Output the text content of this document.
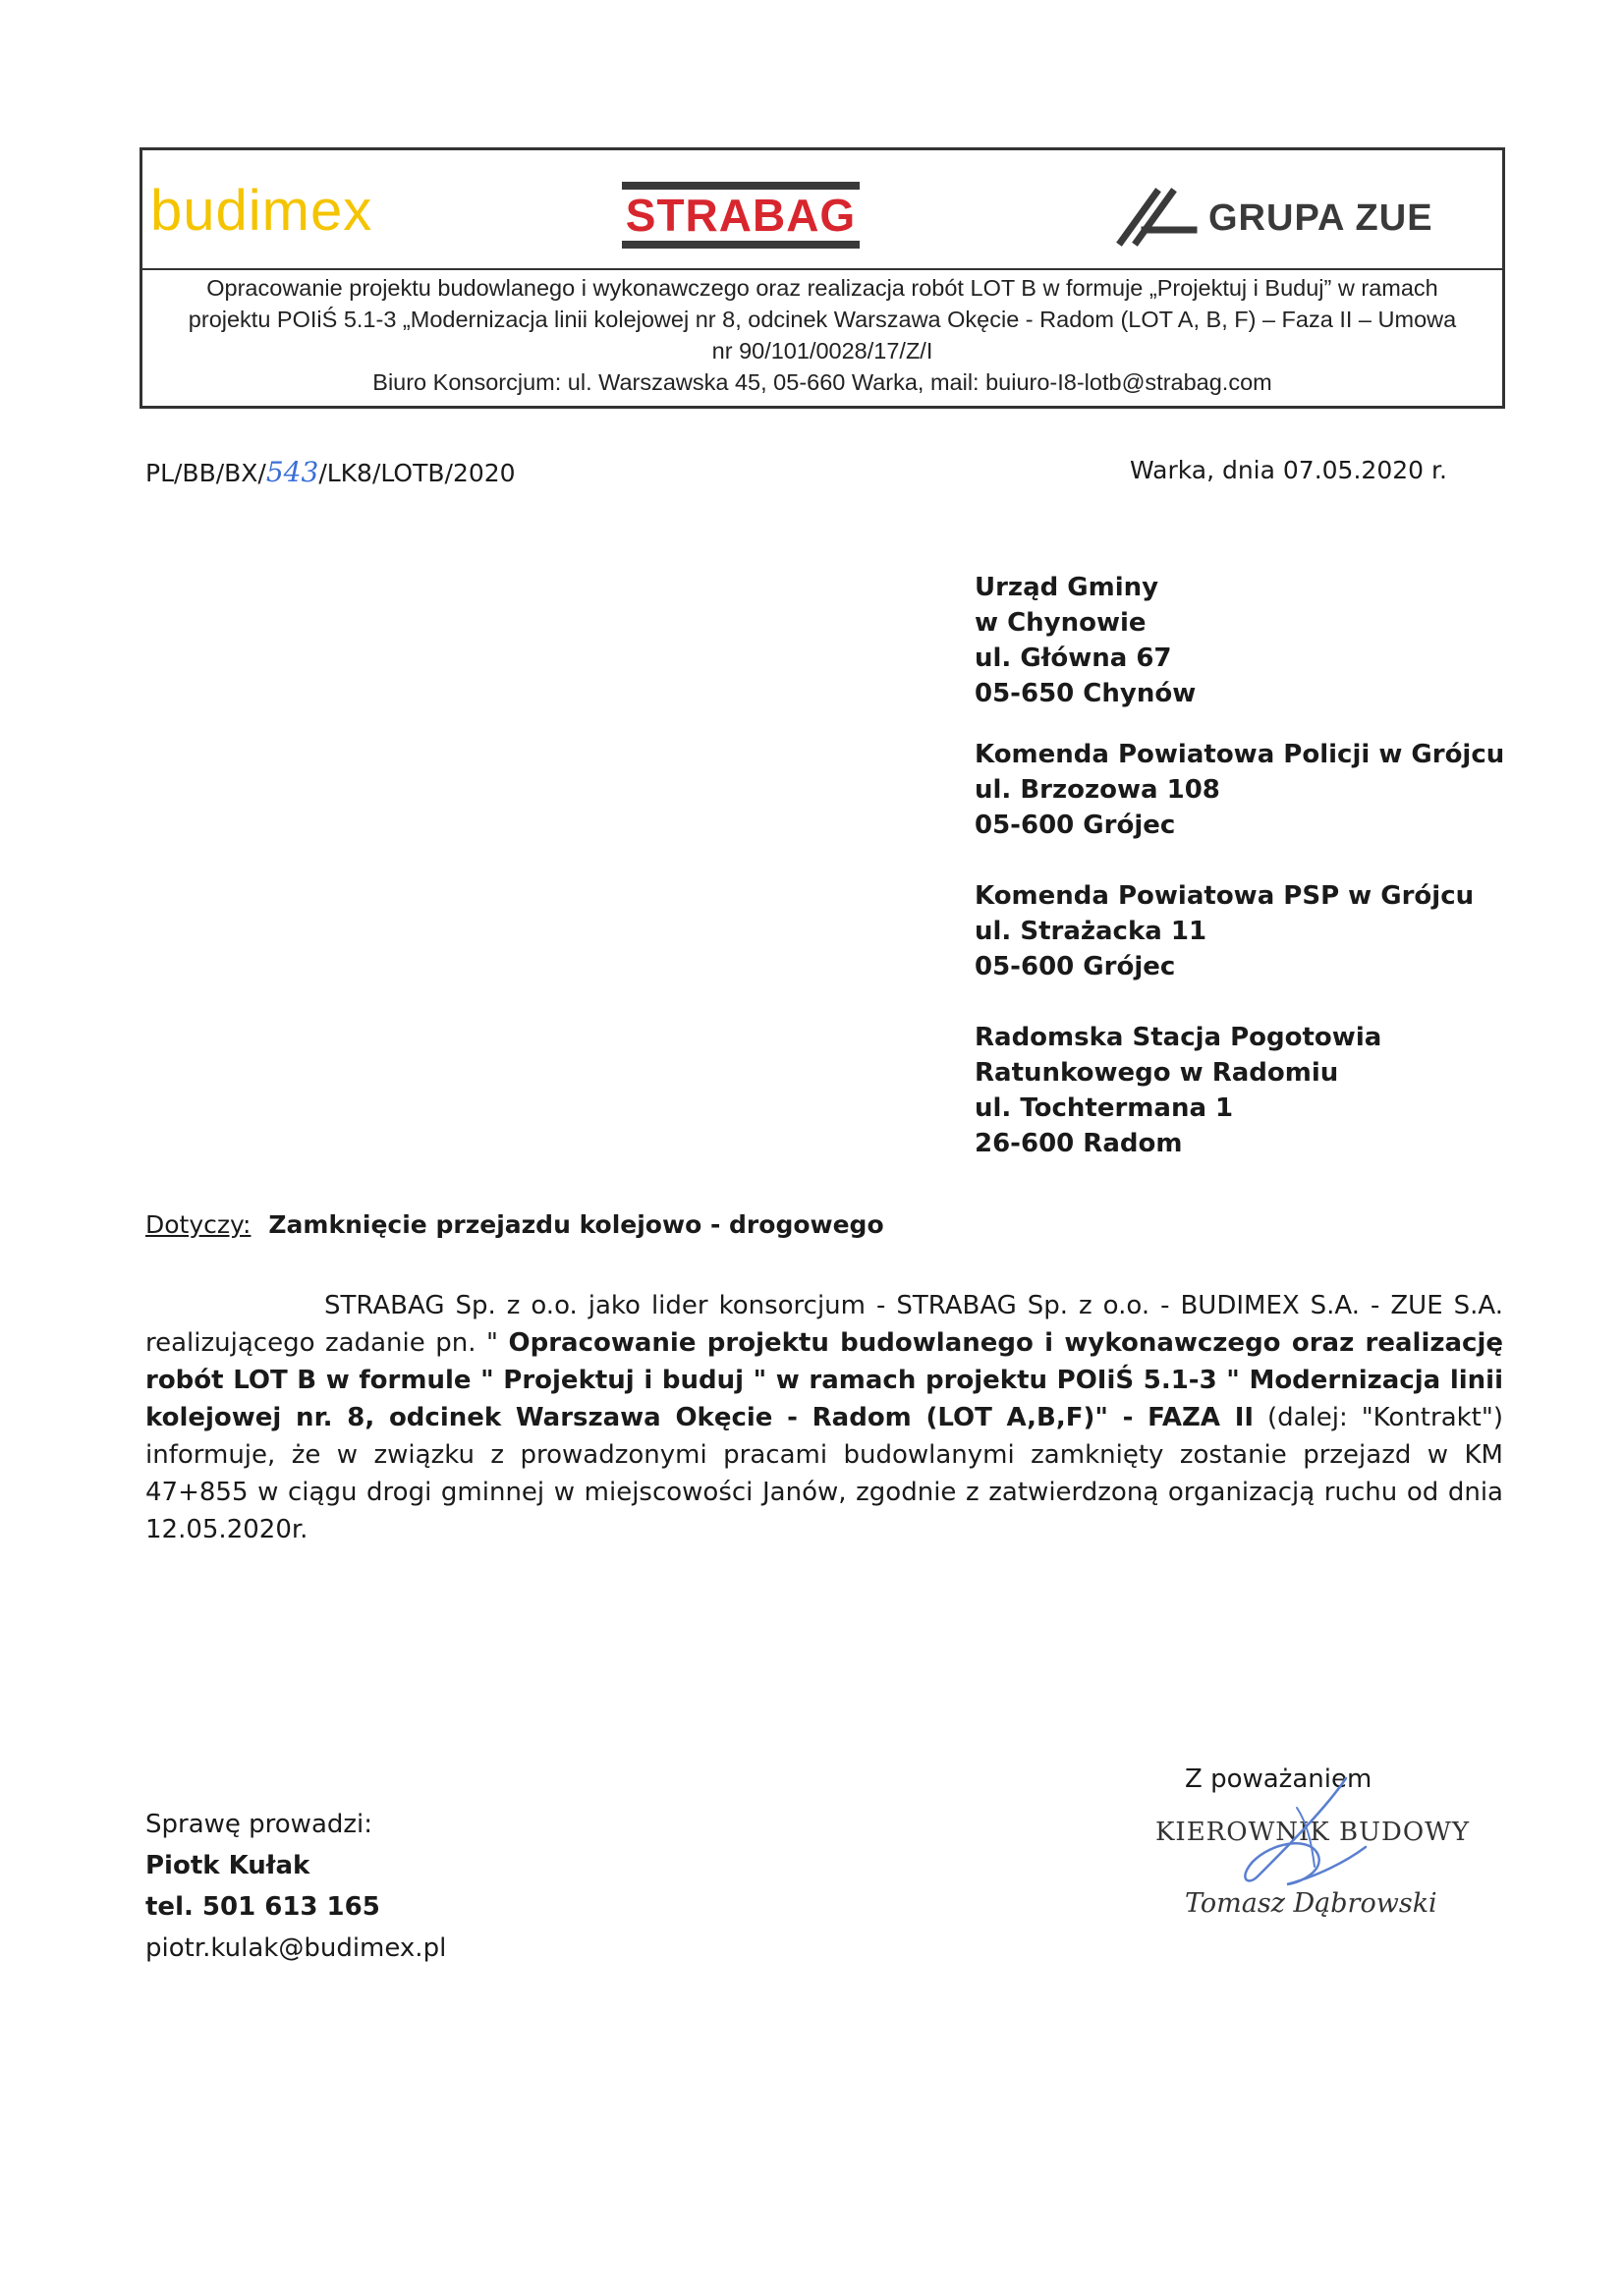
budimex	STRABAG	GRUPA ZUE
Opracowanie projektu budowlanego i wykonawczego oraz realizacja robót LOT B w formuje „Projektuj i Buduj” w ramach
projektu POIiŚ 5.1-3 „Modernizacja linii kolejowej nr 8, odcinek Warszawa Okęcie - Radom (LOT A, B, F) – Faza II – Umowa
nr 90/101/0028/17/Z/I
Biuro Konsorcjum: ul. Warszawska 45, 05-660 Warka, mail: buiuro-I8-lotb@strabag.com
PL/BB/BX/543/LK8/LOTB/2020	Warka, dnia 07.05.2020 r.
Urząd Gminy
w Chynowie
ul. Główna 67
05-650 Chynów
Komenda Powiatowa Policji w Grójcu
ul. Brzozowa 108
05-600 Grójec
Komenda Powiatowa PSP w Grójcu
ul. Strażacka 11
05-600 Grójec
Radomska Stacja Pogotowia
Ratunkowego w Radomiu
ul. Tochtermana 1
26-600 Radom
Dotyczy: Zamknięcie przejazdu kolejowo - drogowego
STRABAG Sp. z o.o. jako lider konsorcjum - STRABAG Sp. z o.o. - BUDIMEX S.A. - ZUE S.A. realizującego zadanie pn. " Opracowanie projektu budowlanego i wykonawczego oraz realizację robót LOT B w formule " Projektuj i buduj " w ramach projektu POIiŚ 5.1-3 " Modernizacja linii kolejowej nr. 8, odcinek Warszawa Okęcie - Radom (LOT A,B,F)" - FAZA II (dalej: "Kontrakt") informuje, że w związku z prowadzonymi pracami budowlanymi zamknięty zostanie przejazd w KM 47+855 w ciągu drogi gminnej w miejscowości Janów, zgodnie z zatwierdzoną organizacją ruchu od dnia 12.05.2020r.
Sprawę prowadzi:
Piotk Kułak
tel. 501 613 165
piotr.kulak@budimex.pl
Z poważaniem
KIEROWNIK BUDOWY
Tomasz Dąbrowski
